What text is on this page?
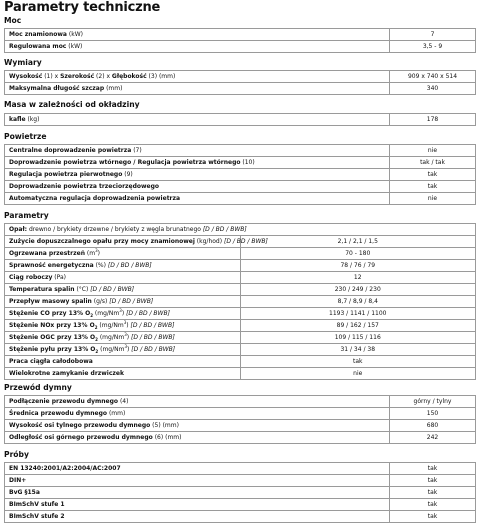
Parametry techniczne
Moc
Moc znamionowa (kW)	7
Regulowana moc (kW)	3,5 - 9
Wymiary
Wysokość (1) x Szerokość (2) x Głębokość (3) (mm)	909 x 740 x 514
Maksymalna długość szczap (mm)	340
Masa w zależności od okładziny
kafle (kg)	178
Powietrze
Centralne doprowadzenie powietrza (7)	nie
Doprowadzenie powietrza wtórnego / Regulacja powietrza wtórnego (10)	tak / tak
Regulacja powietrza pierwotnego (9)	tak
Doprowadzenie powietrza trzeciorzędowego	tak
Automatyczna regulacja doprowadzenia powietrza	nie
Parametry
Opał: drewno / brykiety drzewne / brykiety z węgla brunatnego [D / BD / BWB]	
Zużycie dopuszczalnego opału przy mocy znamionowej (kg/hod) [D / BD / BWB]	2,1 / 2,1 / 1,5
Ogrzewana przestrzeń $(m^3)$	70 - 180
Sprawność energetyczna (%) [D / BD / BWB]	78 / 76 / 79
Ciąg roboczy (Pa)	12
Temperatura spalin (°C) [D / BD / BWB]	230 / 249 / 230
Przepływ masowy spalin (g/s) [D / BD / BWB]	8,7 / 8,9 / 8,4
Stężenie CO przy 13% $O_2$ (mg/Nm$^3$) [D / BD / BWB]	1193 / 1141 / 1100
Stężenie NOx przy 13% $O_2$ (mg/Nm$^3$) [D / BD / BWB]	89 / 162 / 157
Stężenie OGC przy 13% $O_2$ (mg/Nm$^3$) [D / BD / BWB]	109 / 115 / 116
Stężenie pyłu przy 13% $O_2$ (mg/Nm$^3$) [D / BD / BWB]	31 / 34 / 38
Praca ciągła całodobowa	tak
Wielokrotne zamykanie drzwiczek	nie
Przewód dymny
Podłączenie przewodu dymnego (4)	górny / tylny
Średnica przewodu dymnego (mm)	150
Wysokość osi tylnego przewodu dymnego (5) (mm)	680
Odległość osi górnego przewodu dymnego (6) (mm)	242
Próby
EN 13240:2001/A2:2004/AC:2007	tak
DIN+	tak
BvG §15a	tak
BImSchV stufe 1	tak
BImSchV stufe 2	tak
